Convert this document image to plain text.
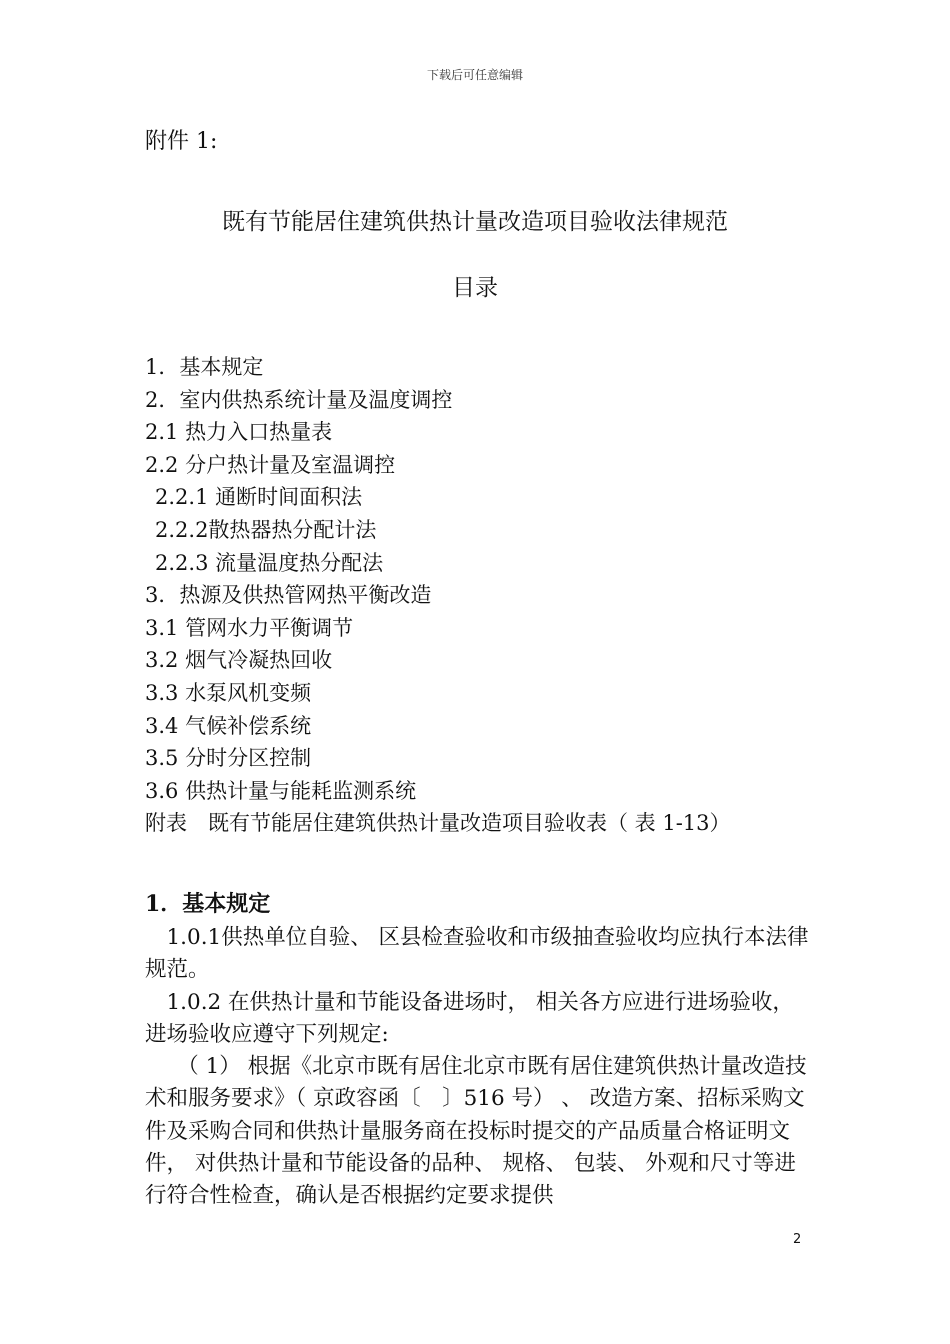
下载后可任意编辑
附件 1:
既有节能居住建筑供热计量改造项目验收法律规范
目录
1．基本规定
2．室内供热系统计量及温度调控
2.1 热力入口热量表
2.2 分户热计量及室温调控
2.2.1 通断时间面积法
2.2.2散热器热分配计法
2.2.3 流量温度热分配法
3．热源及供热管网热平衡改造
3.1 管网水力平衡调节
3.2 烟气冷凝热回收
3.3 水泵风机变频
3.4 气候补偿系统
3.5 分时分区控制
3.6 供热计量与能耗监测系统
附表　既有节能居住建筑供热计量改造项目验收表（ 表 1-13）
1．基本规定

　1.0.1供热单位自验、 区县检查验收和市级抽查验收均应执行本法律规范。

　1.0.2 在供热计量和节能设备进场时， 相关各方应进行进场验收，进场验收应遵守下列规定:

　　（ 1） 根据《北京市既有居住北京市既有居住建筑供热计量改造技术和服务要求》（ 京政容函〔　〕516 号） 、 改造方案、招标采购文件及采购合同和供热计量服务商在投标时提交的产品质量合格证明文件， 对供热计量和节能设备的品种、 规格、 包装、 外观和尺寸等进行符合性检查，确认是否根据约定要求提供

2
